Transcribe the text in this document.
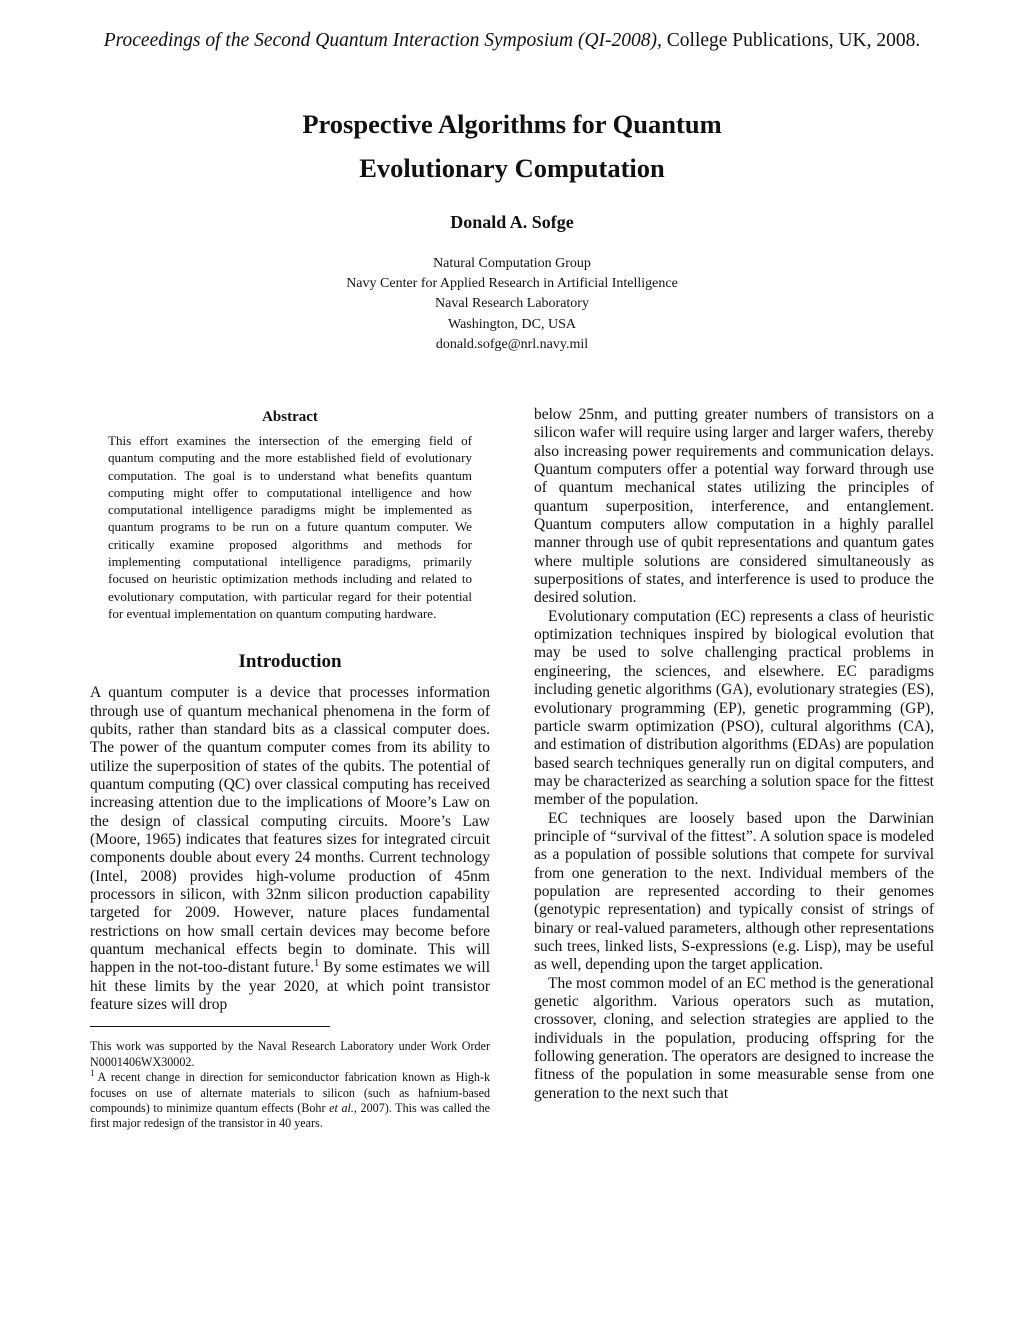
Proceedings of the Second Quantum Interaction Symposium (QI-2008), College Publications, UK, 2008.
Prospective Algorithms for Quantum
Evolutionary Computation
Donald A. Sofge
Natural Computation Group
Navy Center for Applied Research in Artificial Intelligence
Naval Research Laboratory
Washington, DC, USA
donald.sofge@nrl.navy.mil
Abstract
This effort examines the intersection of the emerging field of quantum computing and the more established field of evolutionary computation. The goal is to understand what benefits quantum computing might offer to computational intelligence and how computational intelligence paradigms might be implemented as quantum programs to be run on a future quantum computer. We critically examine proposed algorithms and methods for implementing computational intelligence paradigms, primarily focused on heuristic optimization methods including and related to evolutionary computation, with particular regard for their potential for eventual implementation on quantum computing hardware.
Introduction

A quantum computer is a device that processes information through use of quantum mechanical phenomena in the form of qubits, rather than standard bits as a classical computer does. The power of the quantum computer comes from its ability to utilize the superposition of states of the qubits. The potential of quantum computing (QC) over classical computing has received increasing attention due to the implications of Moore’s Law on the design of classical computing circuits. Moore’s Law (Moore, 1965) indicates that features sizes for integrated circuit components double about every 24 months. Current technology (Intel, 2008) provides high-volume production of 45nm processors in silicon, with 32nm silicon production capability targeted for 2009. However, nature places fundamental restrictions on how small certain devices may become before quantum mechanical effects begin to dominate. This will happen in the not-too-distant future.$^1$ By some estimates we will hit these limits by the year 2020, at which point transistor feature sizes will drop

This work was supported by the Naval Research Laboratory under Work Order N0001406WX30002.

$^1$ A recent change in direction for semiconductor fabrication known as High-k focuses on use of alternate materials to silicon (such as hafnium-based compounds) to minimize quantum effects (Bohr et al., 2007). This was called the first major redesign of the transistor in 40 years.

below 25nm, and putting greater numbers of transistors on a silicon wafer will require using larger and larger wafers, thereby also increasing power requirements and communication delays. Quantum computers offer a potential way forward through use of quantum mechanical states utilizing the principles of quantum superposition, interference, and entanglement. Quantum computers allow computation in a highly parallel manner through use of qubit representations and quantum gates where multiple solutions are considered simultaneously as superpositions of states, and interference is used to produce the desired solution.

Evolutionary computation (EC) represents a class of heuristic optimization techniques inspired by biological evolution that may be used to solve challenging practical problems in engineering, the sciences, and elsewhere. EC paradigms including genetic algorithms (GA), evolutionary strategies (ES), evolutionary programming (EP), genetic programming (GP), particle swarm optimization (PSO), cultural algorithms (CA), and estimation of distribution algorithms (EDAs) are population based search techniques generally run on digital computers, and may be characterized as searching a solution space for the fittest member of the population.

EC techniques are loosely based upon the Darwinian principle of “survival of the fittest”. A solution space is modeled as a population of possible solutions that compete for survival from one generation to the next. Individual members of the population are represented according to their genomes (genotypic representation) and typically consist of strings of binary or real-valued parameters, although other representations such trees, linked lists, S-expressions (e.g. Lisp), may be useful as well, depending upon the target application.

The most common model of an EC method is the generational genetic algorithm. Various operators such as mutation, crossover, cloning, and selection strategies are applied to the individuals in the population, producing offspring for the following generation. The operators are designed to increase the fitness of the population in some measurable sense from one generation to the next such that
